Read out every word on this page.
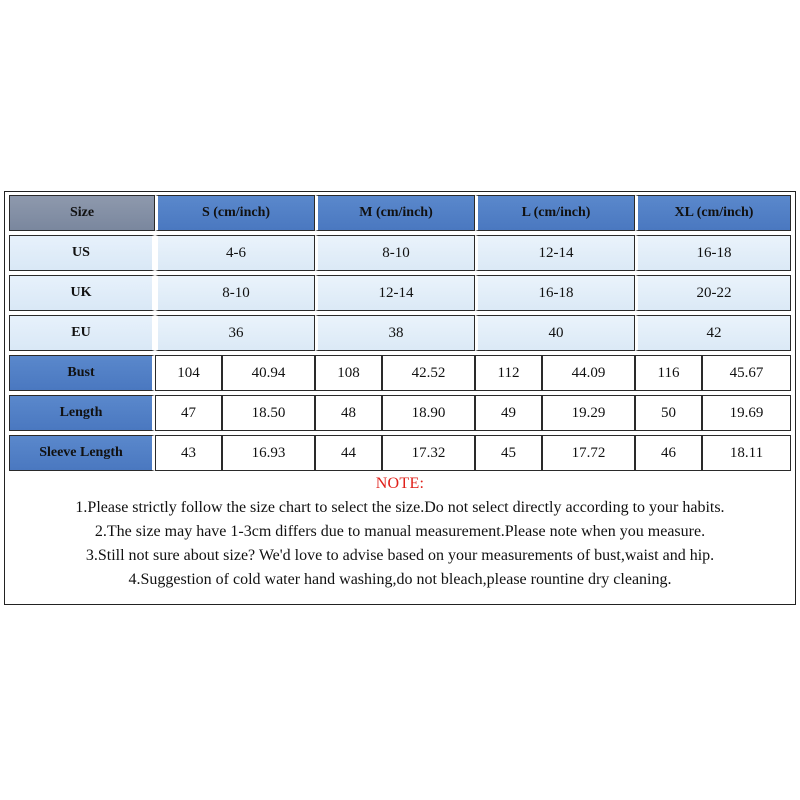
Size	S (cm/inch)	M (cm/inch)	L (cm/inch)	XL (cm/inch)
US	4-6	8-10	12-14	16-18
UK	8-10	12-14	16-18	20-22
EU	36	38	40	42
Bust	104	40.94	108	42.52	112	44.09	116	45.67
Length	47	18.50	48	18.90	49	19.29	50	19.69
Sleeve Length	43	16.93	44	17.32	45	17.72	46	18.11

NOTE:

1.Please strictly follow the size chart to select the size.Do not select directly according to your habits.

2.The size may have 1-3cm differs due to manual measurement.Please note when you measure.

3.Still not sure about size? We'd love to advise based on your measurements of bust,waist and hip.

4.Suggestion of cold water hand washing,do not bleach,please rountine dry cleaning.
